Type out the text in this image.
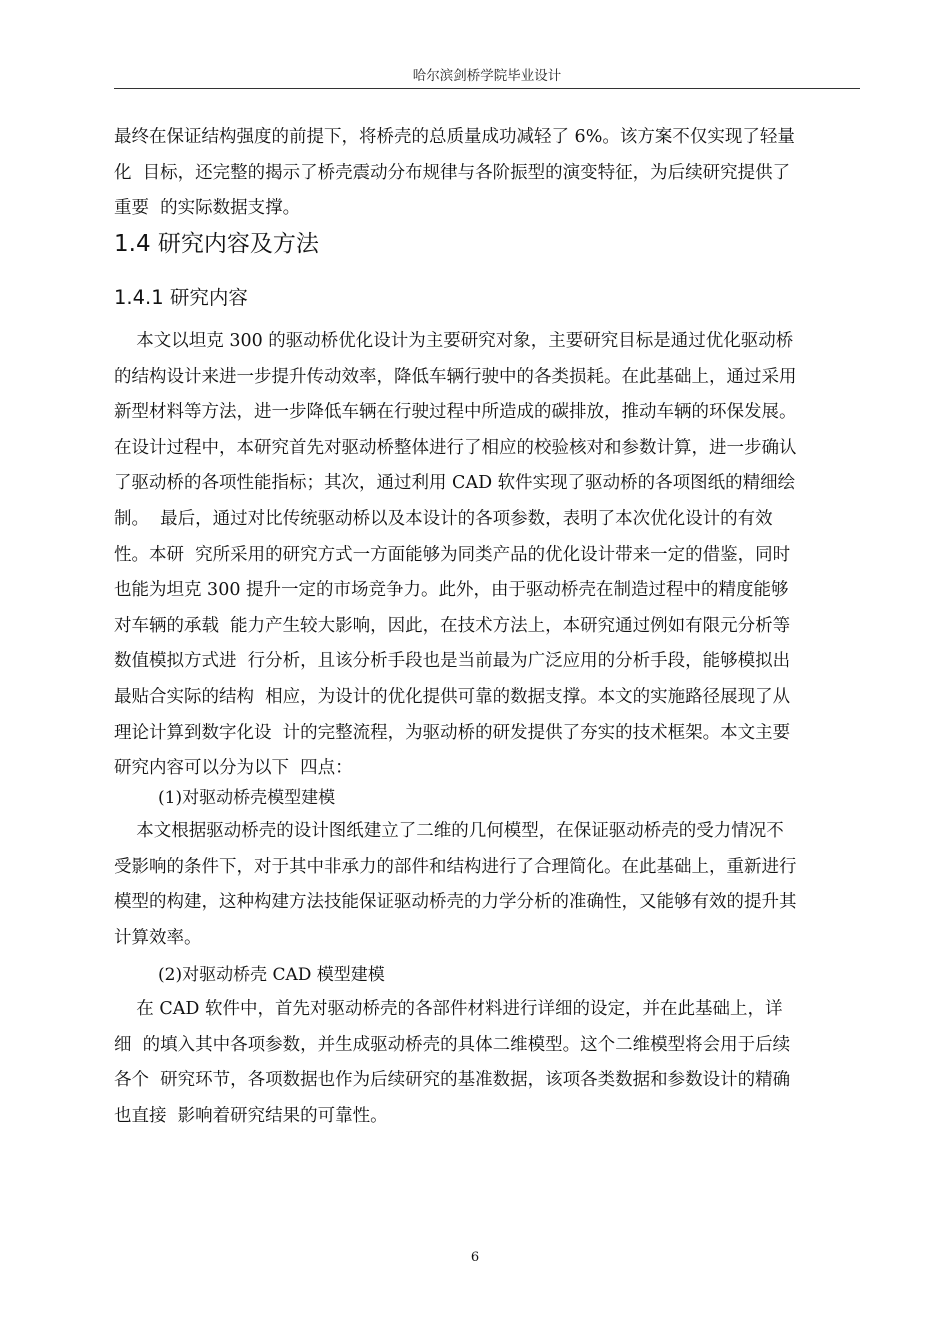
哈尔滨剑桥学院毕业设计

最终在保证结构强度的前提下，将桥壳的总质量成功减轻了 6%。该方案不仅实现了轻量

化  目标，还完整的揭示了桥壳震动分布规律与各阶振型的演变特征，为后续研究提供了

重要  的实际数据支撑。

1.4 研究内容及方法
1.4.1 研究内容

本文以坦克 300 的驱动桥优化设计为主要研究对象，主要研究目标是通过优化驱动桥

的结构设计来进一步提升传动效率，降低车辆行驶中的各类损耗。在此基础上，通过采用

新型材料等方法，进一步降低车辆在行驶过程中所造成的碳排放，推动车辆的环保发展。

在设计过程中，本研究首先对驱动桥整体进行了相应的校验核对和参数计算，进一步确认

了驱动桥的各项性能指标；其次，通过利用 CAD 软件实现了驱动桥的各项图纸的精细绘

制。  最后，通过对比传统驱动桥以及本设计的各项参数，表明了本次优化设计的有效

性。本研  究所采用的研究方式一方面能够为同类产品的优化设计带来一定的借鉴，同时

也能为坦克 300 提升一定的市场竞争力。此外，由于驱动桥壳在制造过程中的精度能够

对车辆的承载  能力产生较大影响，因此，在技术方法上，本研究通过例如有限元分析等

数值模拟方式进  行分析，且该分析手段也是当前最为广泛应用的分析手段，能够模拟出

最贴合实际的结构  相应，为设计的优化提供可靠的数据支撑。本文的实施路径展现了从

理论计算到数字化设  计的完整流程，为驱动桥的研发提供了夯实的技术框架。本文主要

研究内容可以分为以下  四点：

(1)对驱动桥壳模型建模

本文根据驱动桥壳的设计图纸建立了二维的几何模型，在保证驱动桥壳的受力情况不

受影响的条件下，对于其中非承力的部件和结构进行了合理简化。在此基础上，重新进行

模型的构建，这种构建方法技能保证驱动桥壳的力学分析的准确性，又能够有效的提升其

计算效率。

(2)对驱动桥壳 CAD 模型建模

在 CAD 软件中，首先对驱动桥壳的各部件材料进行详细的设定，并在此基础上，详

细  的填入其中各项参数，并生成驱动桥壳的具体二维模型。这个二维模型将会用于后续

各个  研究环节，各项数据也作为后续研究的基准数据，该项各类数据和参数设计的精确

也直接  影响着研究结果的可靠性。

6
